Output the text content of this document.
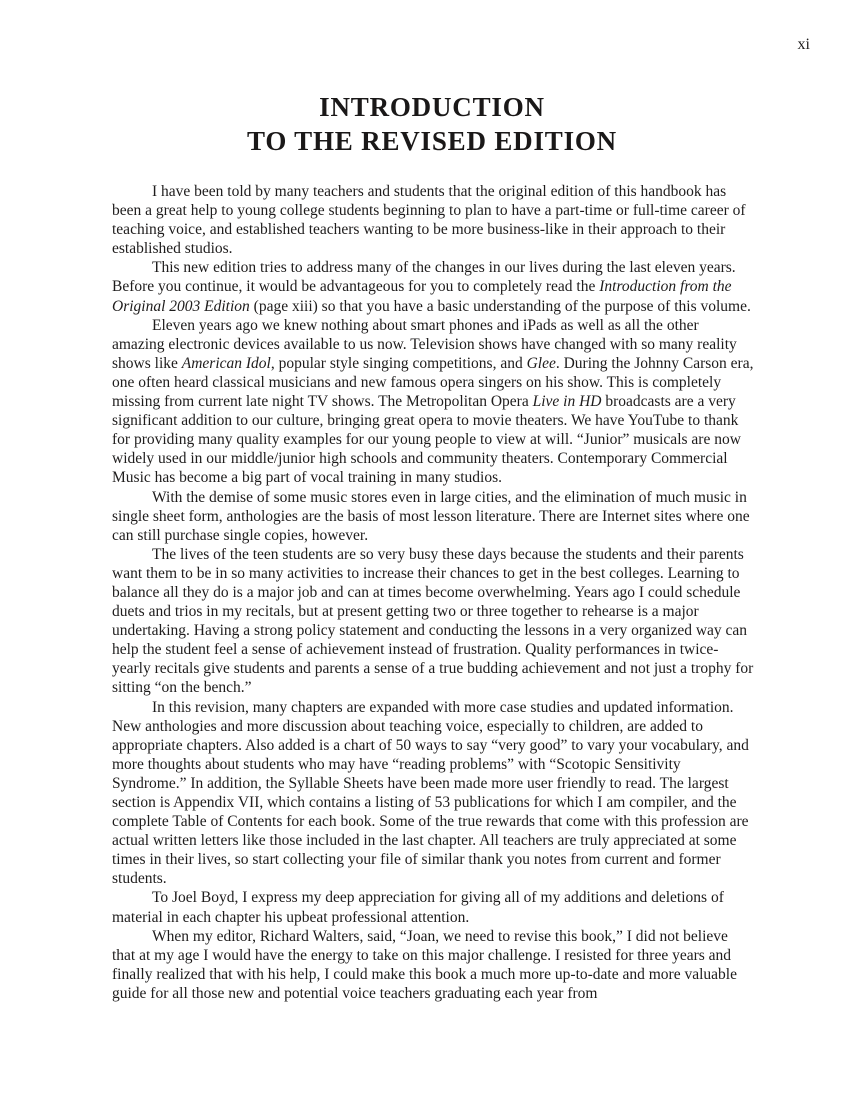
xi
INTRODUCTION
TO THE REVISED EDITION

I have been told by many teachers and students that the original edition of this handbook has been a great help to young college students beginning to plan to have a part-time or full-time career of teaching voice, and established teachers wanting to be more business-like in their approach to their established studios.

This new edition tries to address many of the changes in our lives during the last eleven years. Before you continue, it would be advantageous for you to completely read the Introduction from the Original 2003 Edition (page xiii) so that you have a basic understanding of the purpose of this volume.

Eleven years ago we knew nothing about smart phones and iPads as well as all the other amazing electronic devices available to us now. Television shows have changed with so many reality shows like American Idol, popular style singing competitions, and Glee. During the Johnny Carson era, one often heard classical musicians and new famous opera singers on his show. This is completely missing from current late night TV shows. The Metropolitan Opera Live in HD broadcasts are a very significant addition to our culture, bringing great opera to movie theaters. We have YouTube to thank for providing many quality examples for our young people to view at will. “Junior” musicals are now widely used in our middle/junior high schools and community theaters. Contemporary Commercial Music has become a big part of vocal training in many studios.

With the demise of some music stores even in large cities, and the elimination of much music in single sheet form, anthologies are the basis of most lesson literature. There are Internet sites where one can still purchase single copies, however.

The lives of the teen students are so very busy these days because the students and their parents want them to be in so many activities to increase their chances to get in the best colleges. Learning to balance all they do is a major job and can at times become overwhelming. Years ago I could schedule duets and trios in my recitals, but at present getting two or three together to rehearse is a major undertaking. Having a strong policy statement and conducting the lessons in a very organized way can help the student feel a sense of achievement instead of frustration. Quality performances in twice-yearly recitals give students and parents a sense of a true budding achievement and not just a trophy for sitting “on the bench.”

In this revision, many chapters are expanded with more case studies and updated information. New anthologies and more discussion about teaching voice, especially to children, are added to appropriate chapters. Also added is a chart of 50 ways to say “very good” to vary your vocabulary, and more thoughts about students who may have “reading problems” with “Scotopic Sensitivity Syndrome.” In addition, the Syllable Sheets have been made more user friendly to read. The largest section is Appendix VII, which contains a listing of 53 publications for which I am compiler, and the complete Table of Contents for each book. Some of the true rewards that come with this profession are actual written letters like those included in the last chapter. All teachers are truly appreciated at some times in their lives, so start collecting your file of similar thank you notes from current and former students.

To Joel Boyd, I express my deep appreciation for giving all of my additions and deletions of material in each chapter his upbeat professional attention.

When my editor, Richard Walters, said, “Joan, we need to revise this book,” I did not believe that at my age I would have the energy to take on this major challenge. I resisted for three years and finally realized that with his help, I could make this book a much more up-to-date and more valuable guide for all those new and potential voice teachers graduating each year from
